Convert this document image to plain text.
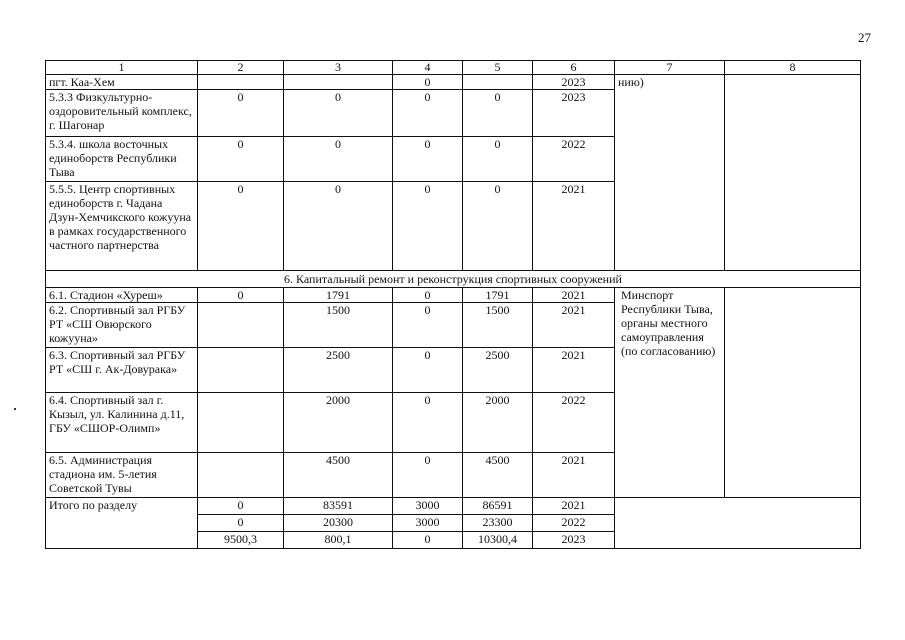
27
1	2	3	4	5	6	7	8
пгт. Каа-Хем			0		2023	нию)	
5.3.3 Физкультурно-оздоровительный комплекс, г. Шагонар	0	0	0	0	2023		
5.3.4. школа восточных единоборств Республики Тыва	0	0	0	0	2022		
5.5.5. Центр спортивных единоборств г. Чадана Дзун-Хемчикского кожууна в рамках государственного частного партнерства	0	0	0	0	2021		
6. Капитальный ремонт и реконструкция спортивных сооружений							
6.1. Стадион «Хуреш»	0	1791	0	1791	2021	Минспорт Республики Тыва, органы местного самоуправления (по согласованию)	
6.2. Спортивный зал РГБУ РТ «СШ Овюрского кожууна»		1500	0	1500	2021		
6.3. Спортивный зал РГБУ РТ «СШ г. Ак-Довурака»		2500	0	2500	2021		
6.4. Спортивный зал г. Кызыл, ул. Калинина д.11, ГБУ «СШОР-Олимп»		2000	0	2000	2022		
6.5. Администрация стадиона им. 5-летия Советской Тувы		4500	0	4500	2021		
Итого по разделу	0	83591	3000	86591	2021		
	0	20300	3000	23300	2022		
	9500,3	800,1	0	10300,4	2023		
